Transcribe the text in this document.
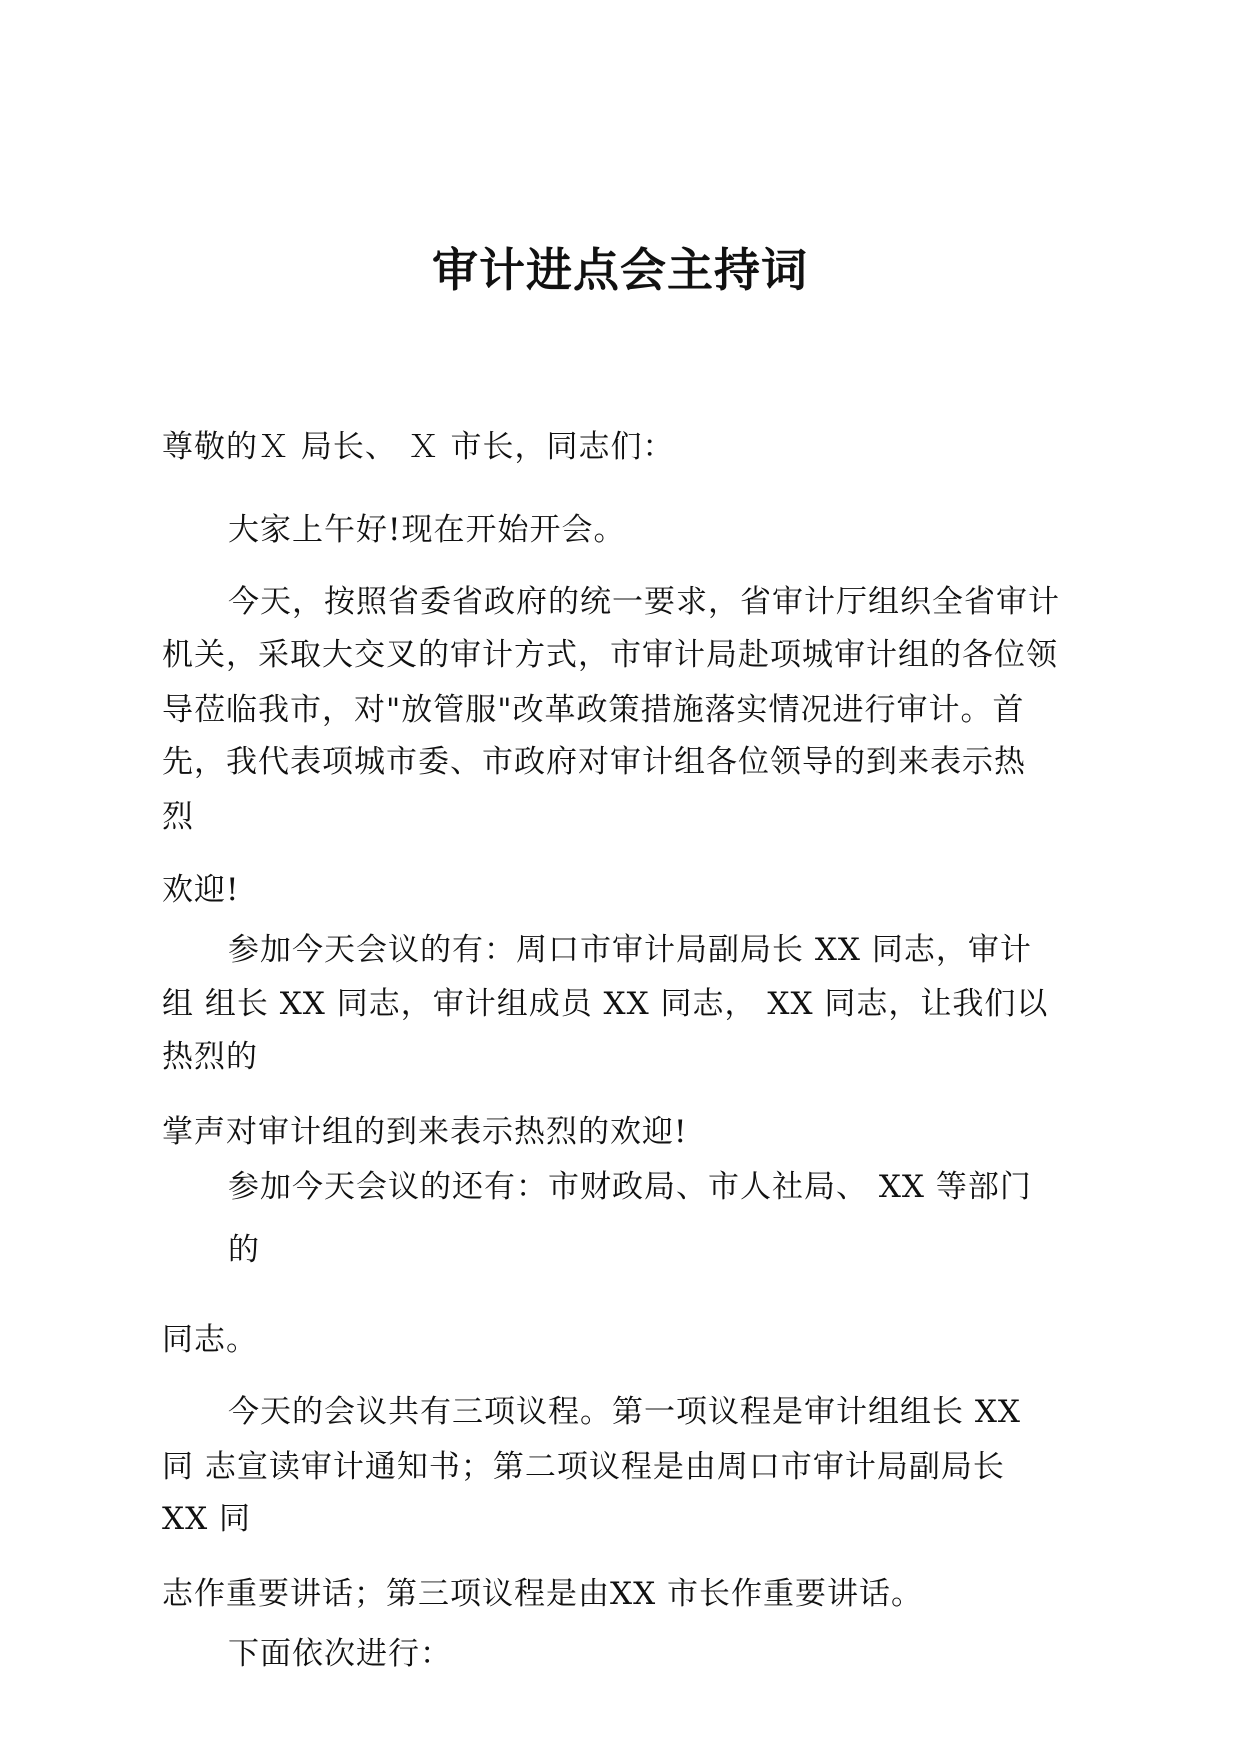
审计进点会主持词
尊敬的Ｘ 局长、 Ｘ 市长，同志们：
大家上午好!现在开始开会。
今天，按照省委省政府的统一要求，省审计厅组织全省审计
机关，采取大交叉的审计方式，市审计局赴项城审计组的各位领
导莅临我市，对"放管服"改革政策措施落实情况进行审计。首
先，我代表项城市委、市政府对审计组各位领导的到来表示热
烈
欢迎!
参加今天会议的有：周口市审计局副局长 XX 同志，审计
组 组长 XX 同志，审计组成员 XX 同志， XX 同志，让我们以
热烈的
掌声对审计组的到来表示热烈的欢迎!
参加今天会议的还有：市财政局、市人社局、 XX 等部门
的
同志。
今天的会议共有三项议程。第一项议程是审计组组长 XX
同 志宣读审计通知书；第二项议程是由周口市审计局副局长
XX 同
志作重要讲话；第三项议程是由XX 市长作重要讲话。
下面依次进行：
